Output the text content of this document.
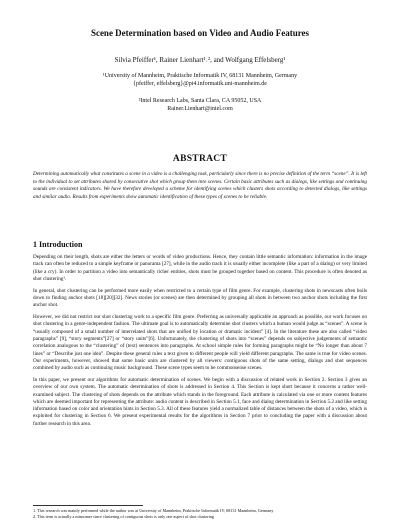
Scene Determination based on Video and Audio Features

Silvia Pfeiffer¹, Rainer Lienhart¹˒², and Wolfgang Effelsberg¹

¹University of Mannheim, Praktische Informatik IV, 68131 Mannheim, Germany
{pfeiffer, effelsberg}@pi4.informatik.uni-mannheim.de
²Intel Research Labs, Santa Clara, CA 95052, USA
Rainer.Lienhart@intel.com
ABSTRACT

Determining automatically what constitutes a scene in a video is a challenging task, particularly since there is no precise definition of the term “scene”. It is left to the individual to set attributes shared by consecutive shot which group them into scenes. Certain basic attributes such as dialogs, like settings and continuing sounds are consistent indicators. We have therefore developed a scheme for identifying scenes which clusters shots according to detected dialogs, like settings and similar audio. Results from experiments show automatic identification of these types of scenes to be reliable.

1 Introduction

Depending on their length, shots are either the letters or words of video productions. Hence, they contain little semantic information: information in the image track can often be reduced to a simple keyframe or panorama [27], while in the audio track it is usually either incomplete (like a part of a dialog) or very limited (like a cry). In order to partition a video into semantically richer entities, shots must be grouped together based on content. This procedure is often denoted as shot clustering¹.

In general, shot clustering can be performed more easily when restricted to a certain type of film genre. For example, clustering shots in newscasts often boils down to finding anchor shots [18][20][32]. News stories (or scenes) are then determined by grouping all shots in between two anchor shots including the first anchor shot.

However, we did not restrict our shot clustering work to a specific film genre. Preferring as universally applicable an approach as possible, our work focuses on shot clustering in a genre-independent fashion. The ultimate goal is to automatically determine shot clusters which a human would judge as “scenes”. A scene is “usually composed of a small number of interrelated shots that are unified by location or dramatic incident” [4]. In the literature these are also called “video paragraphs” [9], “story segments”[27] or “story units”[6]. Unfortunately, the clustering of shots into “scenes” depends on subjective judgements of semantic correlation analogous to the “clustering” of (text) sentences into paragraphs. At school simple rules for forming paragraphs might be “No longer than about 7 lines” or “Describe just one idea”. Despite these general rules a text given to different people will yield different paragraphs. The same is true for video scenes. Our experiments, however, showed that some basic units are clustered by all viewers: contiguous shots of the same setting, dialogs and shot sequences combined by audio such as continuing music background. These scene types seem to be commonsense scenes.

In this paper, we present our algorithms for automatic determination of scenes. We begin with a discussion of related work in Section 2. Section 3 gives an overview of our own system. The automatic determination of shots is addressed in Section 4. This Section is kept short because it concerns a rather well-examined subject. The clustering of shots depends on the attribute which stands in the foreground. Each attribute is calculated via one or more content features which are deemed important for representing the attribute: audio content is described in Section 5.1, face and dialog determination in Section 5.2 and like setting information based on color and orientation hints in Section 5.3. All of these features yield a normalized table of distances between the shots of a video, which is exploited for clustering in Section 6. We present experimental results for the algorithms in Section 7 prior to concluding the paper with a discussion about further research in this area.

1. This research was mainly performed while the author was at University of Mannheim, Praktische Informatik IV, 68131 Mannheim, Germany

2. This term is actually a misnomer since clustering of contiguous shots is only one aspect of shot clustering
